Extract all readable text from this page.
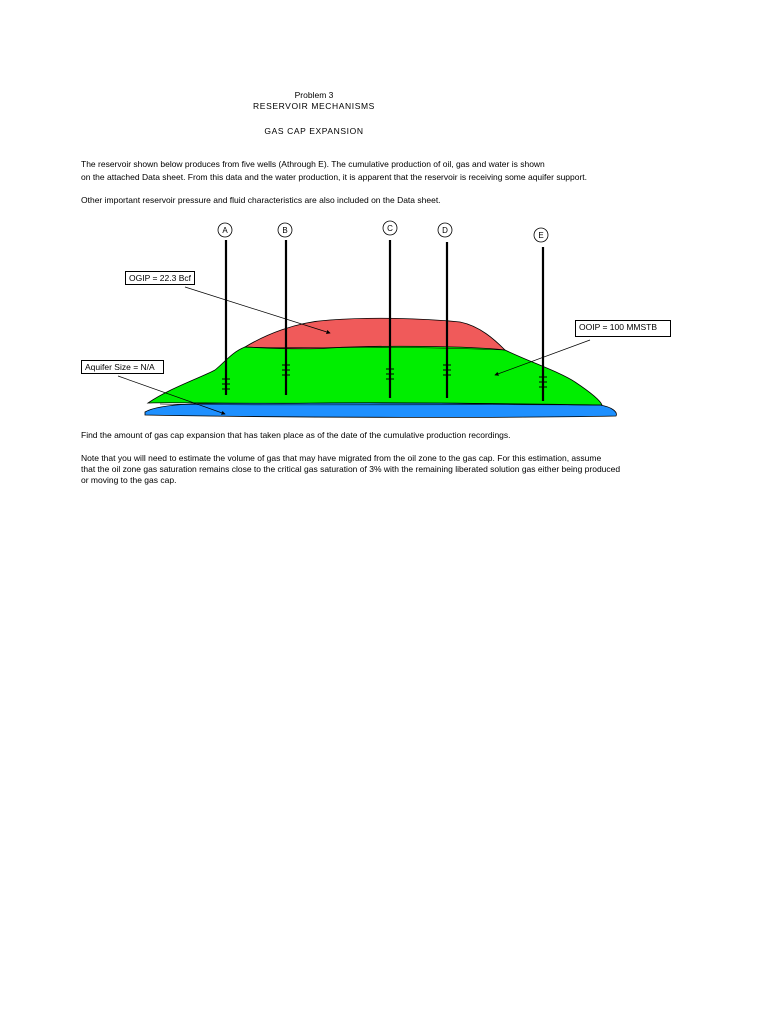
Problem 3
RESERVOIR MECHANISMS
GAS CAP EXPANSION
The reservoir shown below produces from five wells (Athrough E). The cumulative production of oil, gas and water is shown
on the attached Data sheet. From this data and the water production, it is apparent that the reservoir is receiving some aquifer support.
Other important reservoir pressure and fluid characteristics are also included on the Data sheet.
A	B	C	D
E
OGIP = 22.3 Bcf
OOIP = 100 MMSTB
Aquifer Size = N/A
Find the amount of gas cap expansion that has taken place as of the date of the cumulative production recordings.
Note that you will need to estimate the volume of gas that may have migrated from the oil zone to the gas cap. For this estimation, assume
that the oil zone gas saturation remains close to the critical gas saturation of 3% with the remaining liberated solution gas either being produced
or moving to the gas cap.
